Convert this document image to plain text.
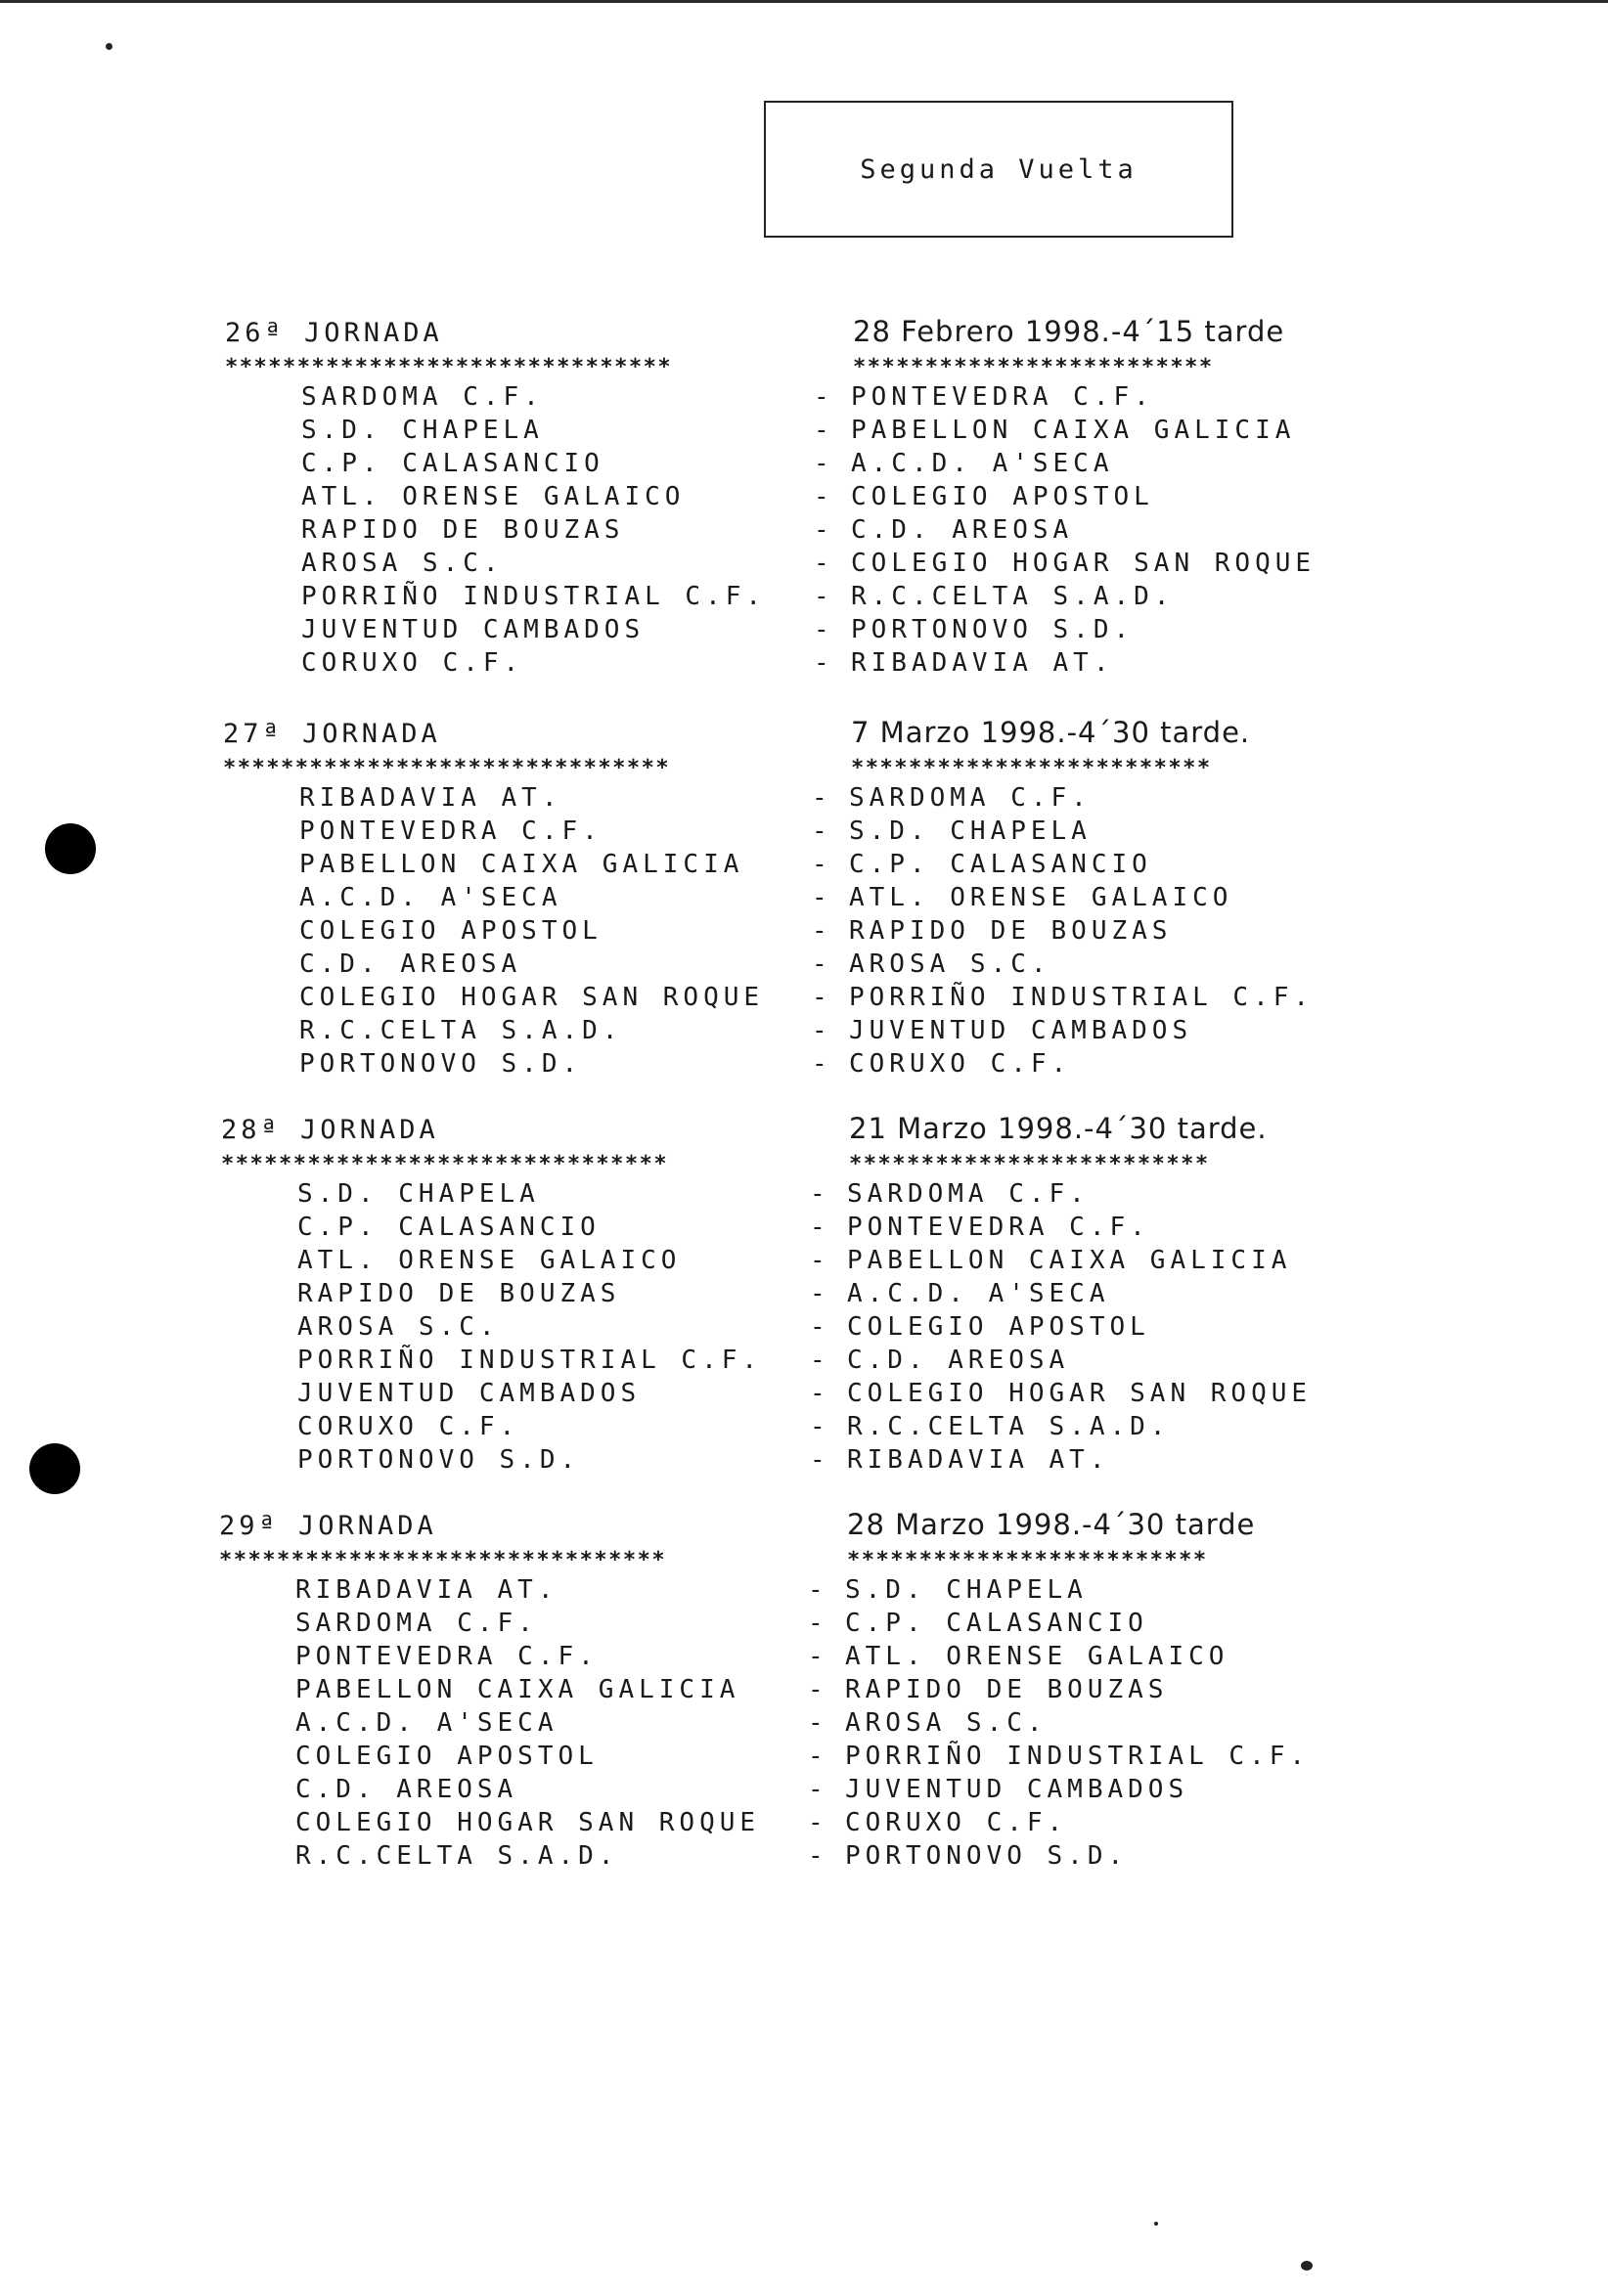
Segunda Vuelta
26ª JORNADA	28 Febrero 1998.-4´15 tarde
*******************************	*************************
SARDOMA C.F.	- PONTEVEDRA C.F.
S.D. CHAPELA	- PABELLON CAIXA GALICIA
C.P. CALASANCIO	- A.C.D. A'SECA
ATL. ORENSE GALAICO	- COLEGIO APOSTOL
RAPIDO DE BOUZAS	- C.D. AREOSA
AROSA S.C.	- COLEGIO HOGAR SAN ROQUE
PORRIÑO INDUSTRIAL C.F. - R.C.CELTA S.A.D.
JUVENTUD CAMBADOS	- PORTONOVO S.D.
CORUXO C.F.	- RIBADAVIA AT.
27ª JORNADA	7 Marzo 1998.-4´30 tarde.
*******************************	*************************
RIBADAVIA AT.	- SARDOMA C.F.
PONTEVEDRA C.F.	- S.D. CHAPELA
PABELLON CAIXA GALICIA	- C.P. CALASANCIO
A.C.D. A'SECA	- ATL. ORENSE GALAICO
COLEGIO APOSTOL	- RAPIDO DE BOUZAS
C.D. AREOSA	- AROSA S.C.
COLEGIO HOGAR SAN ROQUE - PORRIÑO INDUSTRIAL C.F.
R.C.CELTA S.A.D.	- JUVENTUD CAMBADOS
PORTONOVO S.D.	- CORUXO C.F.
28ª JORNADA	21 Marzo 1998.-4´30 tarde.
*******************************	*************************
S.D. CHAPELA	- SARDOMA C.F.
C.P. CALASANCIO	- PONTEVEDRA C.F.
ATL. ORENSE GALAICO	- PABELLON CAIXA GALICIA
RAPIDO DE BOUZAS	- A.C.D. A'SECA
AROSA S.C.	- COLEGIO APOSTOL
PORRIÑO INDUSTRIAL C.F. - C.D. AREOSA
JUVENTUD CAMBADOS	- COLEGIO HOGAR SAN ROQUE
CORUXO C.F.	- R.C.CELTA S.A.D.
PORTONOVO S.D.	- RIBADAVIA AT.
29ª JORNADA	28 Marzo 1998.-4´30 tarde
*******************************	*************************
RIBADAVIA AT.	- S.D. CHAPELA
SARDOMA C.F.	- C.P. CALASANCIO
PONTEVEDRA C.F.	- ATL. ORENSE GALAICO
PABELLON CAIXA GALICIA	- RAPIDO DE BOUZAS
A.C.D. A'SECA	- AROSA S.C.
COLEGIO APOSTOL	- PORRIÑO INDUSTRIAL C.F.
C.D. AREOSA	- JUVENTUD CAMBADOS
COLEGIO HOGAR SAN ROQUE - CORUXO C.F.
R.C.CELTA S.A.D.	- PORTONOVO S.D.
